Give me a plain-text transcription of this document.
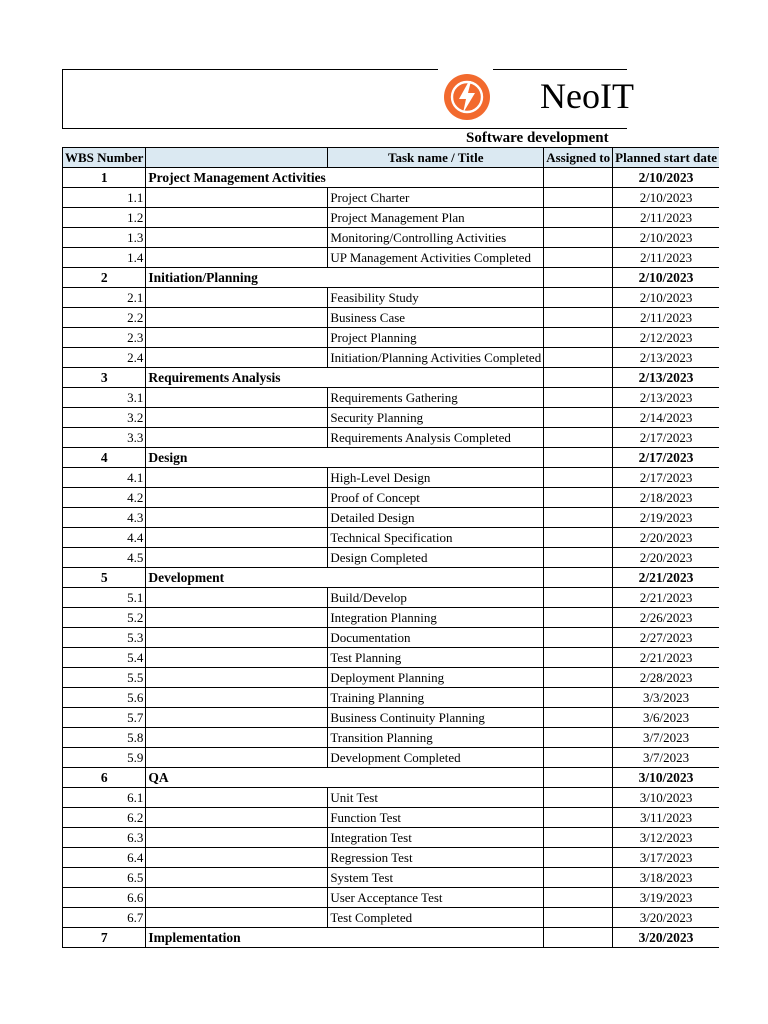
NeoIT
Software development
WBS Number		Task name / Title	Assigned to	Planned start date
1	Project Management Activities			2/10/2023
1.1		Project Charter		2/10/2023
1.2		Project Management Plan		2/11/2023
1.3		Monitoring/Controlling Activities		2/10/2023
1.4		UP Management Activities Completed		2/11/2023
2	Initiation/Planning			2/10/2023
2.1		Feasibility Study		2/10/2023
2.2		Business Case		2/11/2023
2.3		Project Planning		2/12/2023
2.4		Initiation/Planning Activities Completed		2/13/2023
3	Requirements Analysis			2/13/2023
3.1		Requirements Gathering		2/13/2023
3.2		Security Planning		2/14/2023
3.3		Requirements Analysis Completed		2/17/2023
4	Design			2/17/2023
4.1		High-Level Design		2/17/2023
4.2		Proof of Concept		2/18/2023
4.3		Detailed Design		2/19/2023
4.4		Technical Specification		2/20/2023
4.5		Design Completed		2/20/2023
5	Development			2/21/2023
5.1		Build/Develop		2/21/2023
5.2		Integration Planning		2/26/2023
5.3		Documentation		2/27/2023
5.4		Test Planning		2/21/2023
5.5		Deployment Planning		2/28/2023
5.6		Training Planning		3/3/2023
5.7		Business Continuity Planning		3/6/2023
5.8		Transition Planning		3/7/2023
5.9		Development Completed		3/7/2023
6	QA			3/10/2023
6.1		Unit Test		3/10/2023
6.2		Function Test		3/11/2023
6.3		Integration Test		3/12/2023
6.4		Regression Test		3/17/2023
6.5		System Test		3/18/2023
6.6		User Acceptance Test		3/19/2023
6.7		Test Completed		3/20/2023
7	Implementation			3/20/2023
